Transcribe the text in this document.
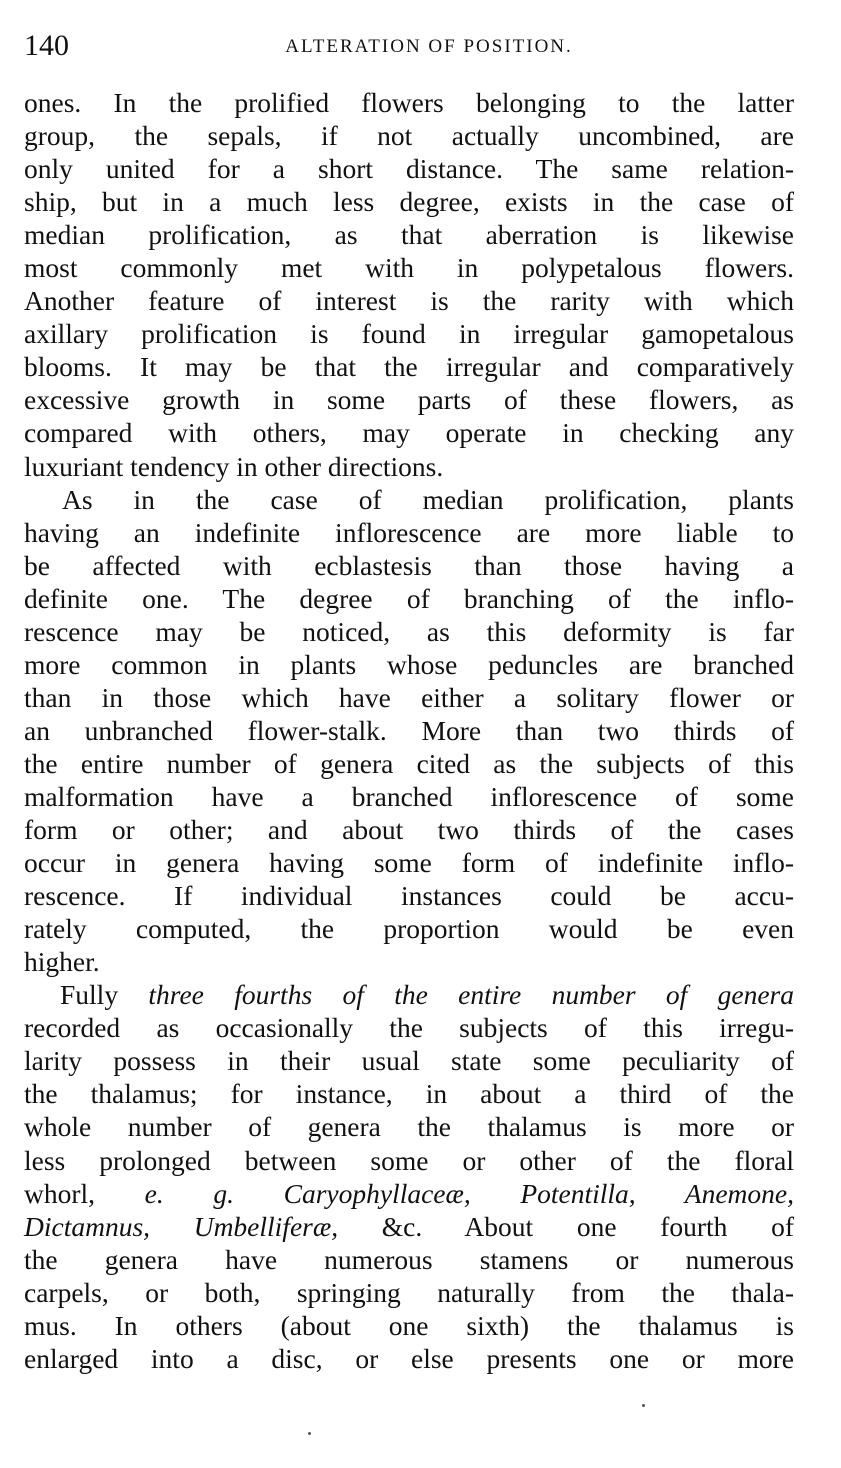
140	ALTERATION OF POSITION.
ones. In the prolified flowers belonging to the latter
group, the sepals, if not actually uncombined, are
only united for a short distance. The same relation-
ship, but in a much less degree, exists in the case of
median prolification, as that aberration is likewise
most commonly met with in polypetalous flowers.
Another feature of interest is the rarity with which
axillary prolification is found in irregular gamopetalous
blooms. It may be that the irregular and comparatively
excessive growth in some parts of these flowers, as
compared with others, may operate in checking any
luxuriant tendency in other directions.
As in the case of median prolification, plants
having an indefinite inflorescence are more liable to
be affected with ecblastesis than those having a
definite one. The degree of branching of the inflo-
rescence may be noticed, as this deformity is far
more common in plants whose peduncles are branched
than in those which have either a solitary flower or
an unbranched flower-stalk. More than two thirds of
the entire number of genera cited as the subjects of this
malformation have a branched inflorescence of some
form or other; and about two thirds of the cases
occur in genera having some form of indefinite inflo-
rescence. If individual instances could be accu-
rately computed, the proportion would be even
higher.
Fully three fourths of the entire number of genera
recorded as occasionally the subjects of this irregu-
larity possess in their usual state some peculiarity of
the thalamus; for instance, in about a third of the
whole number of genera the thalamus is more or
less prolonged between some or other of the floral
whorl, e. g. Caryophyllaceæ, Potentilla, Anemone,
Dictamnus, Umbelliferæ, &c. About one fourth of
the genera have numerous stamens or numerous
carpels, or both, springing naturally from the thala-
mus. In others (about one sixth) the thalamus is
enlarged into a disc, or else presents one or more
